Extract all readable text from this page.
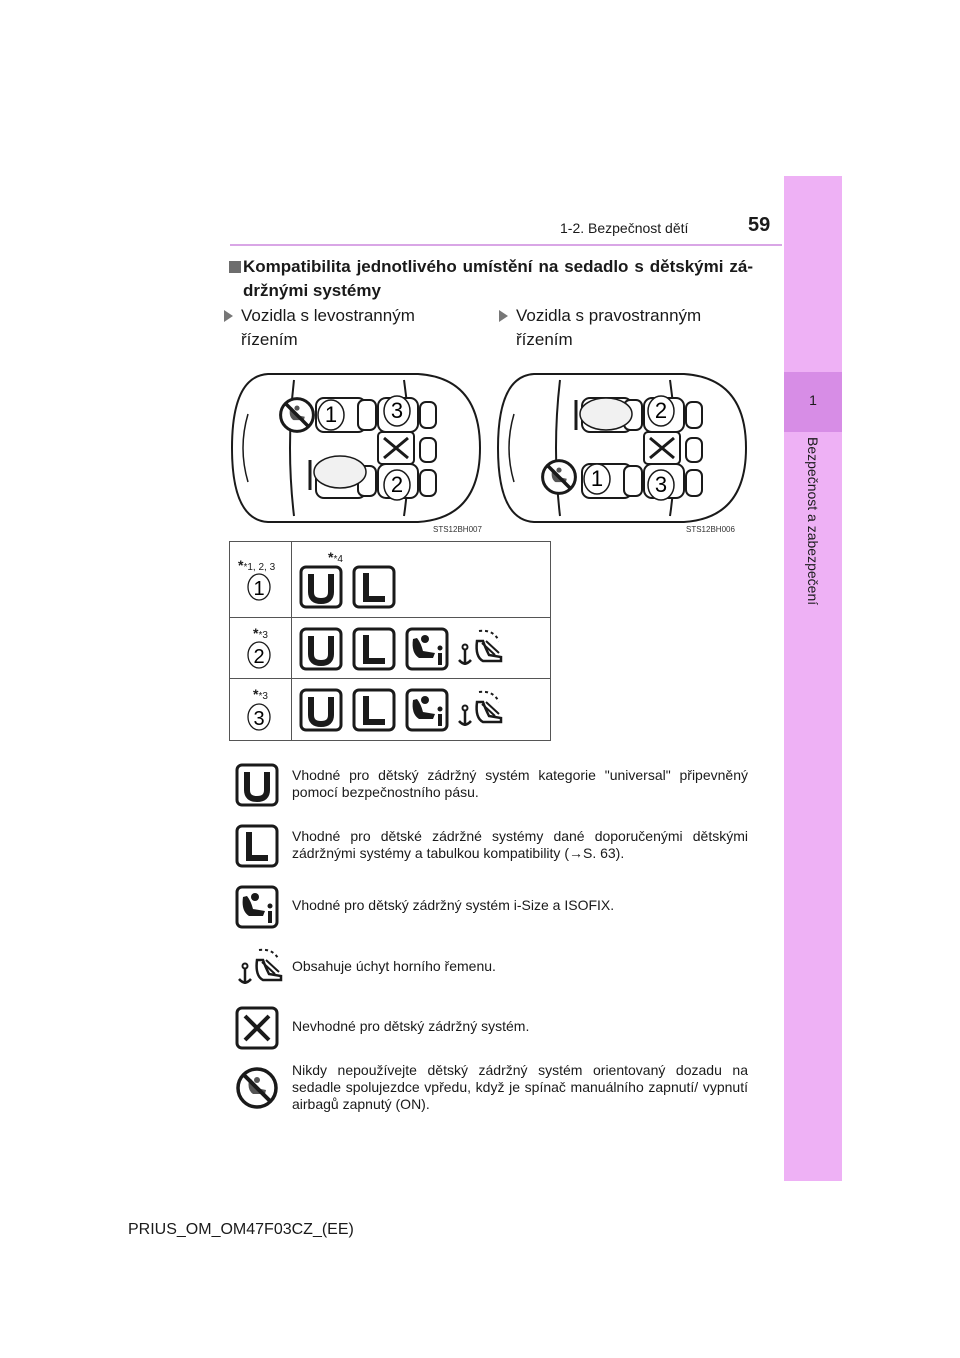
1-2. Bezpečnost dětí	59
1
Bezpečnost a zabezpečení
Kompatibilita jednotlivého umístění na sedadlo s dětskými zádržnými systémy
Vozidla s levostranným řízením
Vozidla s pravostranným řízením
1 3
2
STS12BH007
1
2
3
STS12BH006
**1, 2, 3
1
**4
**3
2
**3
3
Vhodné pro dětský zádržný systém kategorie "universal" připevněný pomocí bezpečnostního pásu.
Vhodné pro dětské zádržné systémy dané doporučenými dětskými zádržnými systémy a tabulkou kompatibility (→S. 63).
Vhodné pro dětský zádržný systém i-Size a ISOFIX.
Obsahuje úchyt horního řemenu.
Nevhodné pro dětský zádržný systém.
Nikdy nepoužívejte dětský zádržný systém orientovaný dozadu na sedadle spolujezdce vpředu, když je spínač manuálního zapnutí/ vypnutí airbagů zapnutý (ON).
PRIUS_OM_OM47F03CZ_(EE)
